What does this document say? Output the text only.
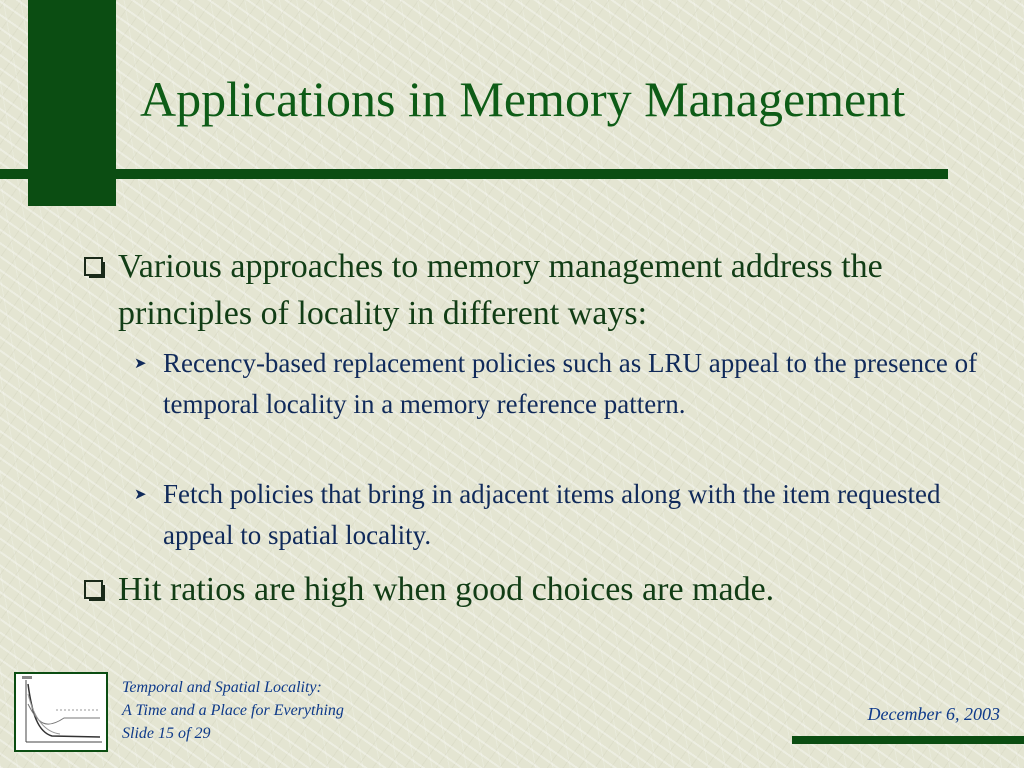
Applications in Memory Management
Various approaches to memory management address the principles of locality in different ways:
➤ Recency-based replacement policies such as LRU appeal to the presence of temporal locality in a memory reference pattern.
➤ Fetch policies that bring in adjacent items along with the item requested appeal to spatial locality.
Hit ratios are high when good choices are made.
Temporal and Spatial Locality:
A Time and a Place for Everything
Slide 15 of 29
December 6, 2003
